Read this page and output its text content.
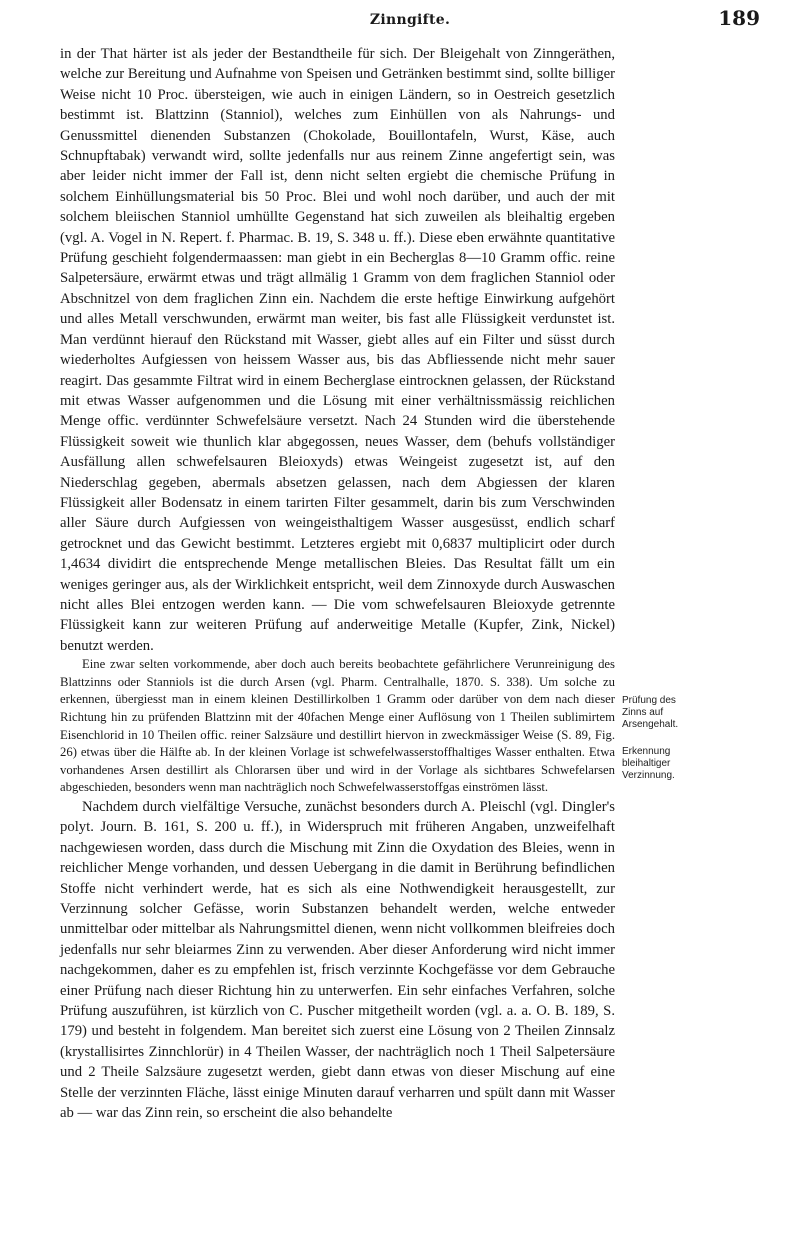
Zinngifte.	189

in der That härter ist als jeder der Bestandtheile für sich. Der Bleigehalt von Zinngeräthen, welche zur Bereitung und Aufnahme von Speisen und Getränken bestimmt sind, sollte billiger Weise nicht 10 Proc. übersteigen, wie auch in einigen Ländern, so in Oestreich gesetzlich bestimmt ist. Blattzinn (Stanniol), welches zum Einhüllen von als Nahrungs- und Genussmittel dienenden Substanzen (Chokolade, Bouillontafeln, Wurst, Käse, auch Schnupftabak) verwandt wird, sollte jedenfalls nur aus reinem Zinne angefertigt sein, was aber leider nicht immer der Fall ist, denn nicht selten ergiebt die chemische Prüfung in solchem Einhüllungsmaterial bis 50 Proc. Blei und wohl noch darüber, und auch der mit solchem bleiischen Stanniol umhüllte Gegenstand hat sich zuweilen als bleihaltig ergeben (vgl. A. Vogel in N. Repert. f. Pharmac. B. 19, S. 348 u. ff.). Diese eben erwähnte quantitative Prüfung geschieht folgendermaassen: man giebt in ein Becherglas 8—10 Gramm offic. reine Salpetersäure, erwärmt etwas und trägt allmälig 1 Gramm von dem fraglichen Stanniol oder Abschnitzel von dem fraglichen Zinn ein. Nachdem die erste heftige Einwirkung aufgehört und alles Metall verschwunden, erwärmt man weiter, bis fast alle Flüssigkeit verdunstet ist. Man verdünnt hierauf den Rückstand mit Wasser, giebt alles auf ein Filter und süsst durch wiederholtes Aufgiessen von heissem Wasser aus, bis das Abfliessende nicht mehr sauer reagirt. Das gesammte Filtrat wird in einem Becherglase eintrocknen gelassen, der Rückstand mit etwas Wasser aufgenommen und die Lösung mit einer verhältnissmässig reichlichen Menge offic. verdünnter Schwefelsäure versetzt. Nach 24 Stunden wird die überstehende Flüssigkeit soweit wie thunlich klar abgegossen, neues Wasser, dem (behufs vollständiger Ausfällung allen schwefelsauren Bleioxyds) etwas Weingeist zugesetzt ist, auf den Niederschlag gegeben, abermals absetzen gelassen, nach dem Abgiessen der klaren Flüssigkeit aller Bodensatz in einem tarirten Filter gesammelt, darin bis zum Verschwinden aller Säure durch Aufgiessen von weingeisthaltigem Wasser ausgesüsst, endlich scharf getrocknet und das Gewicht bestimmt. Letzteres ergiebt mit 0,6837 multiplicirt oder durch 1,4634 dividirt die entsprechende Menge metallischen Bleies. Das Resultat fällt um ein weniges geringer aus, als der Wirklichkeit entspricht, weil dem Zinnoxyde durch Auswaschen nicht alles Blei entzogen werden kann. — Die vom schwefelsauren Bleioxyde getrennte Flüssigkeit kann zur weiteren Prüfung auf anderweitige Metalle (Kupfer, Zink, Nickel) benutzt werden.

Eine zwar selten vorkommende, aber doch auch bereits beobachtete gefährlichere Verunreinigung des Blattzinns oder Stanniols ist die durch Arsen (vgl. Pharm. Centralhalle, 1870. S. 338). Um solche zu erkennen, übergiesst man in einem kleinen Destillirkolben 1 Gramm oder darüber von dem nach dieser Richtung hin zu prüfenden Blattzinn mit der 40fachen Menge einer Auflösung von 1 Theilen sublimirtem Eisenchlorid in 10 Theilen offic. reiner Salzsäure und destillirt hiervon in zweckmässiger Weise (S. 89, Fig. 26) etwas über die Hälfte ab. In der kleinen Vorlage ist schwefelwasserstoffhaltiges Wasser enthalten. Etwa vorhandenes Arsen destillirt als Chlorarsen über und wird in der Vorlage als sichtbares Schwefelarsen abgeschieden, besonders wenn man nachträglich noch Schwefelwasserstoffgas einströmen lässt.

Nachdem durch vielfältige Versuche, zunächst besonders durch A. Pleischl (vgl. Dingler's polyt. Journ. B. 161, S. 200 u. ff.), in Widerspruch mit früheren Angaben, unzweifelhaft nachgewiesen worden, dass durch die Mischung mit Zinn die Oxydation des Bleies, wenn in reichlicher Menge vorhanden, und dessen Uebergang in die damit in Berührung befindlichen Stoffe nicht verhindert werde, hat es sich als eine Nothwendigkeit herausgestellt, zur Verzinnung solcher Gefässe, worin Substanzen behandelt werden, welche entweder unmittelbar oder mittelbar als Nahrungsmittel dienen, wenn nicht vollkommen bleifreies doch jedenfalls nur sehr bleiarmes Zinn zu verwenden. Aber dieser Anforderung wird nicht immer nachgekommen, daher es zu empfehlen ist, frisch verzinnte Kochgefässe vor dem Gebrauche einer Prüfung nach dieser Richtung hin zu unterwerfen. Ein sehr einfaches Verfahren, solche Prüfung auszuführen, ist kürzlich von C. Puscher mitgetheilt worden (vgl. a. a. O. B. 189, S. 179) und besteht in folgendem. Man bereitet sich zuerst eine Lösung von 2 Theilen Zinnsalz (krystallisirtes Zinnchlorür) in 4 Theilen Wasser, der nachträglich noch 1 Theil Salpetersäure und 2 Theile Salzsäure zugesetzt werden, giebt dann etwas von dieser Mischung auf eine Stelle der verzinnten Fläche, lässt einige Minuten darauf verharren und spült dann mit Wasser ab — war das Zinn rein, so erscheint die also behandelte

Prüfung des Zinns auf Arsengehalt.
Erkennung bleihaltiger Verzinnung.
